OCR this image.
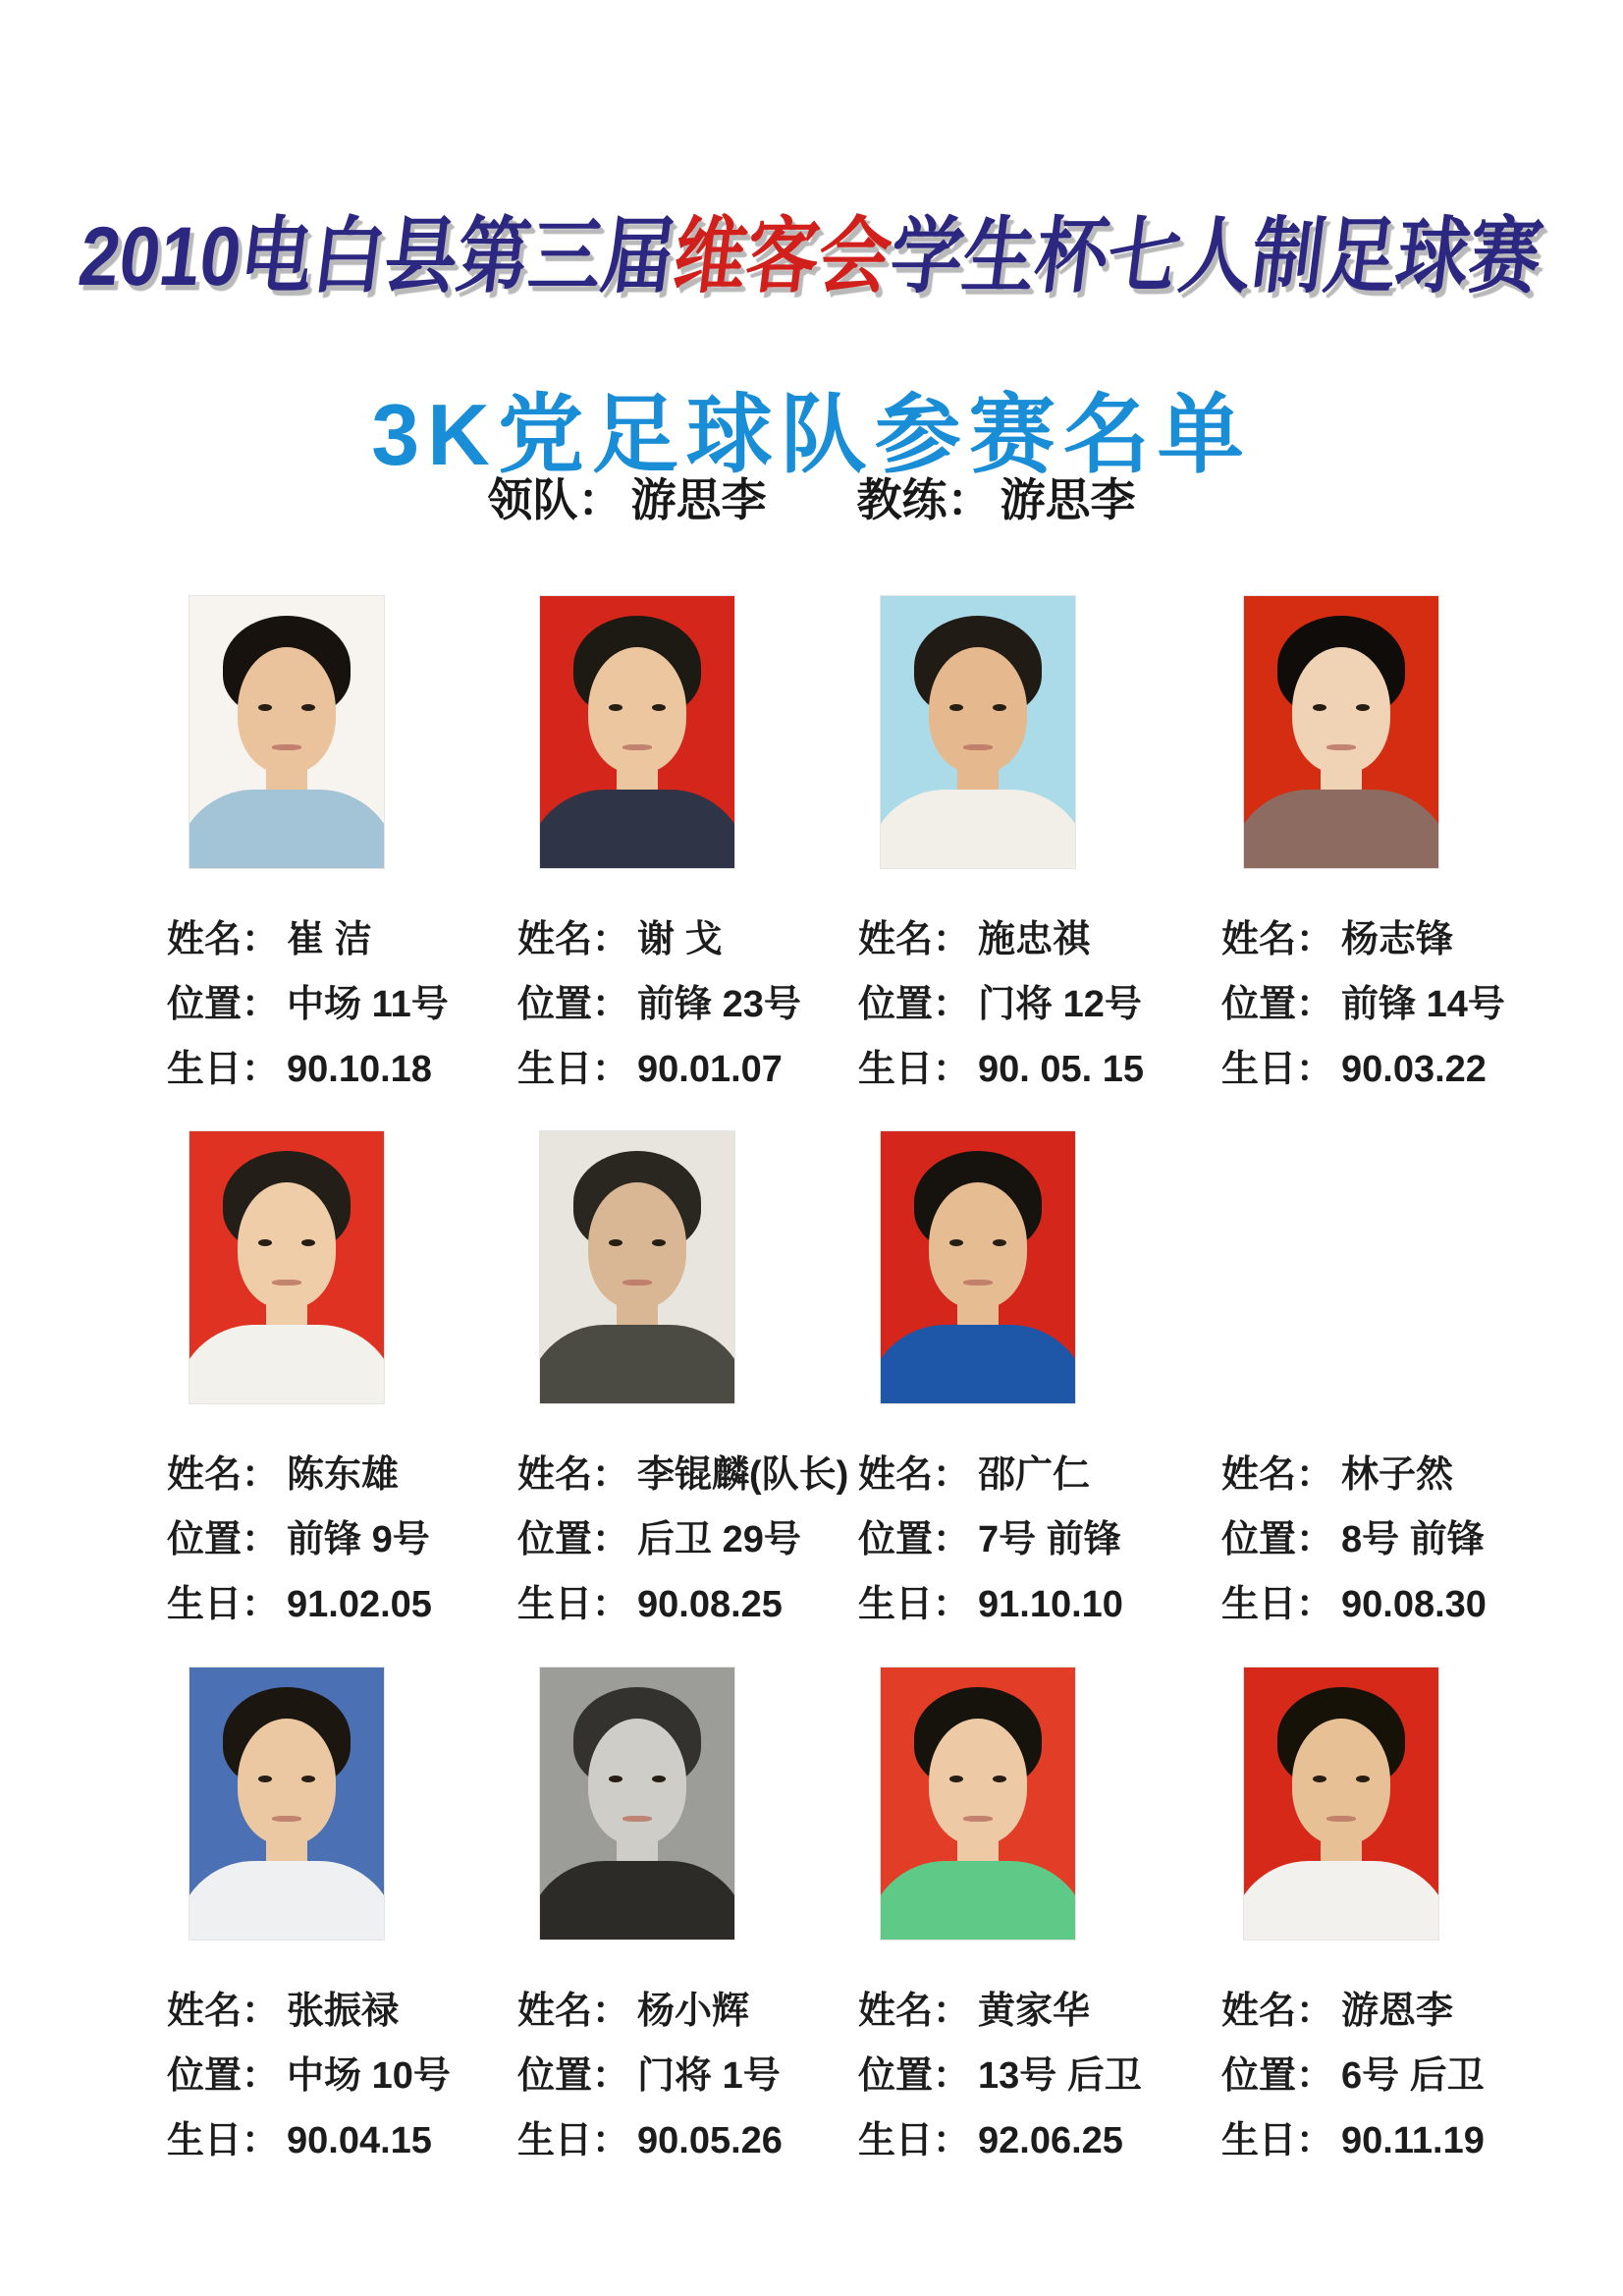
2010电白县第三届维客会学生杯七人制足球赛
3K党足球队参赛名单
领队： 游思李 教练： 游思李
姓名： 崔 洁
位置： 中场 11号
生日： 90.10.18
姓名： 谢 戈
位置： 前锋 23号
生日： 90.01.07
姓名： 施忠祺
位置： 门将 12号
生日： 90. 05. 15
姓名： 杨志锋
位置： 前锋 14号
生日： 90.03.22
姓名： 陈东雄
位置： 前锋 9号
生日： 91.02.05
姓名： 李锟麟(队长)
位置： 后卫 29号
生日： 90.08.25
姓名： 邵广仁
位置： 7号 前锋
生日： 91.10.10
姓名： 林子然
位置： 8号 前锋
生日： 90.08.30
姓名： 张振禄
位置： 中场 10号
生日： 90.04.15
姓名： 杨小辉
位置： 门将 1号
生日： 90.05.26
姓名： 黄家华
位置： 13号 后卫
生日： 92.06.25
姓名： 游恩李
位置： 6号 后卫
生日： 90.11.19
